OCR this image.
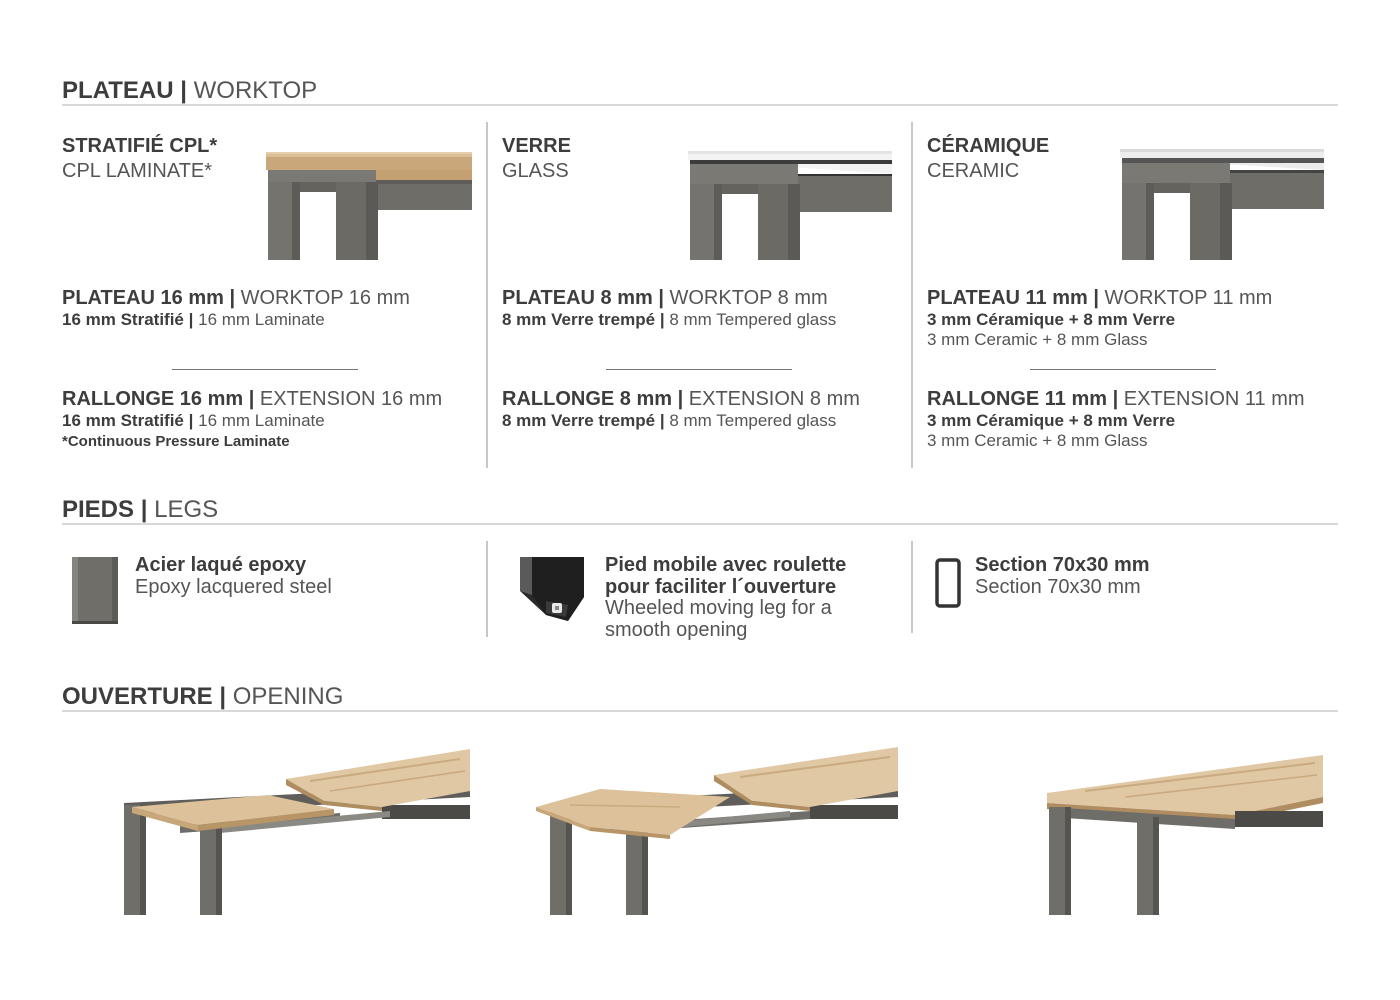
PLATEAU | WORKTOP
STRATIFIÉ CPL*
CPL LAMINATE*
PLATEAU 16 mm | WORKTOP 16 mm
16 mm Stratifié | 16 mm Laminate
RALLONGE 16 mm | EXTENSION 16 mm
16 mm Stratifié | 16 mm Laminate
*Continuous Pressure Laminate
VERRE
GLASS
PLATEAU 8 mm | WORKTOP 8 mm
8 mm Verre trempé | 8 mm Tempered glass
RALLONGE 8 mm | EXTENSION 8 mm
8 mm Verre trempé | 8 mm Tempered glass
CÉRAMIQUE
CERAMIC
PLATEAU 11 mm | WORKTOP 11 mm
3 mm Céramique + 8 mm Verre
3 mm Ceramic + 8 mm Glass
RALLONGE 11 mm | EXTENSION 11 mm
3 mm Céramique + 8 mm Verre
3 mm Ceramic + 8 mm Glass
PIEDS | LEGS
Acier laqué epoxy
Epoxy lacquered steel
Pied mobile avec roulette
pour faciliter l´ouverture
Wheeled moving leg for a
smooth opening
Section 70x30 mm
Section 70x30 mm
OUVERTURE | OPENING
